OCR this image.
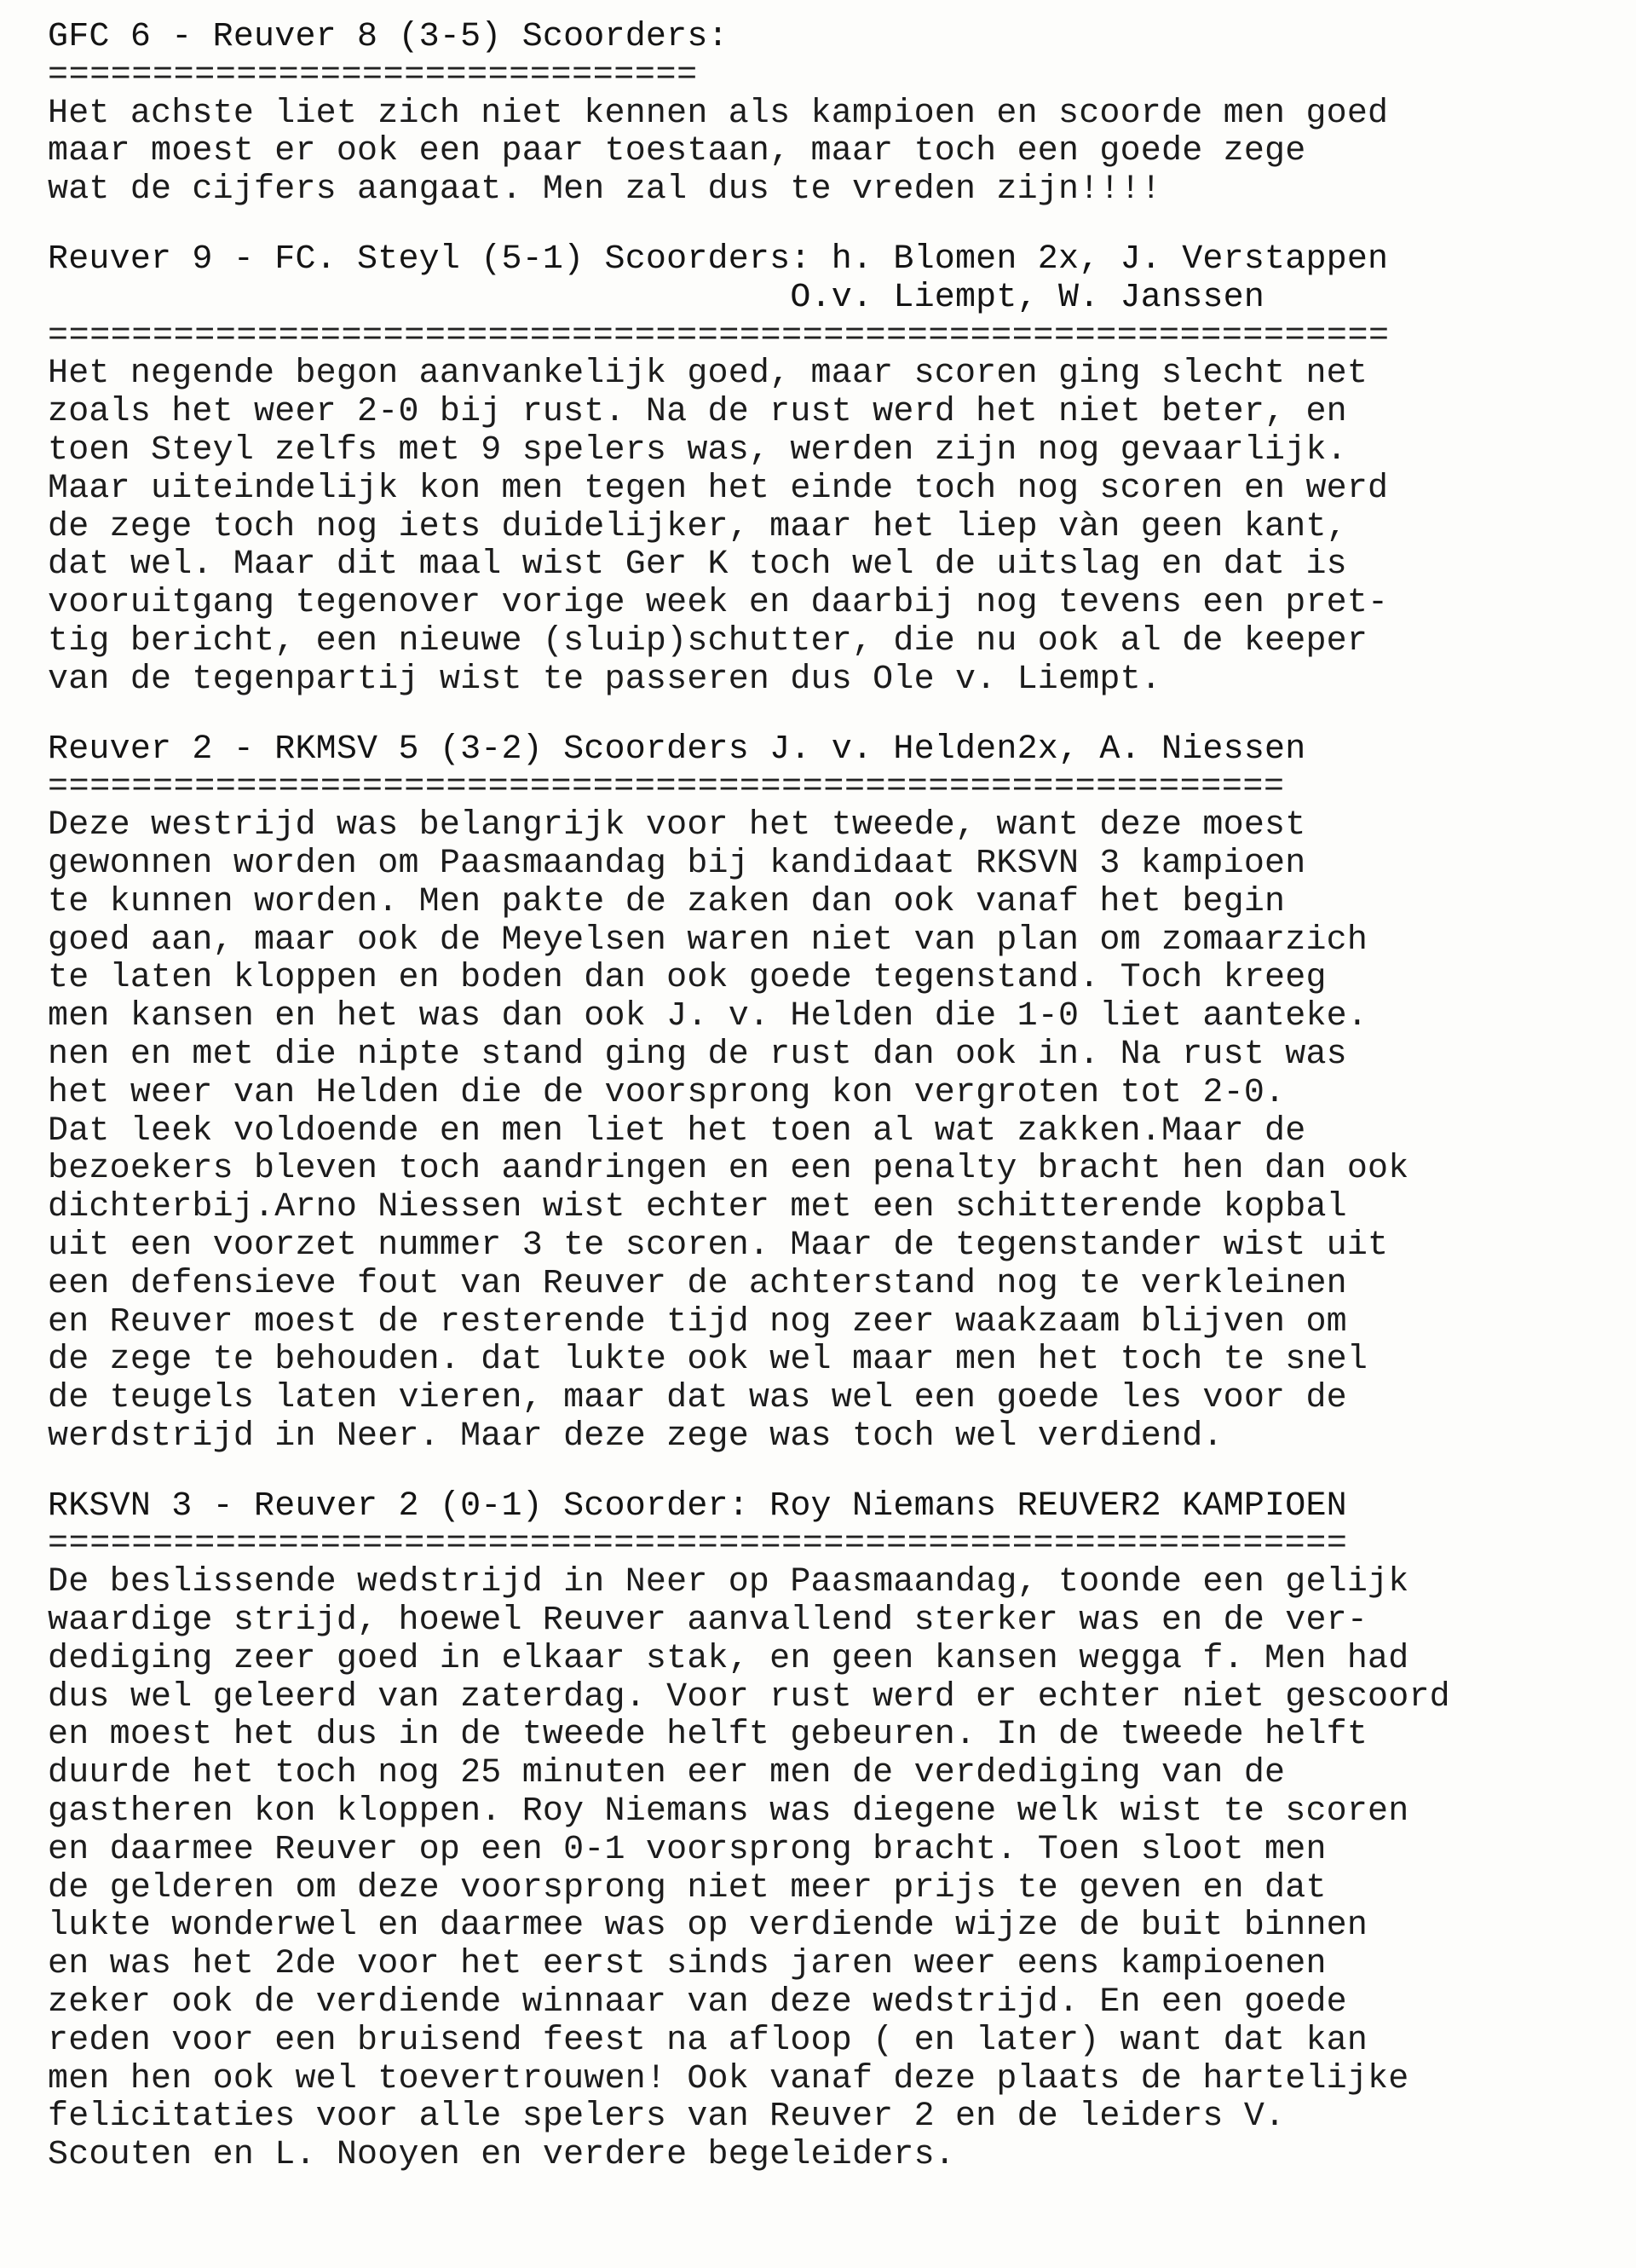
GFC 6 - Reuver 8 (3-5) Scoorders:
===============================
Het achste liet zich niet kennen als kampioen en scoorde men goed
maar moest er ook een paar toestaan, maar toch een goede zege
wat de cijfers aangaat. Men zal dus te vreden zijn!!!!
Reuver 9 - FC. Steyl (5-1) Scoorders: h. Blomen 2x, J. Verstappen
O.v. Liempt, W. Janssen
================================================================
Het negende begon aanvankelijk goed, maar scoren ging slecht net
zoals het weer 2-0 bij rust. Na de rust werd het niet beter, en
toen Steyl zelfs met 9 spelers was, werden zijn nog gevaarlijk.
Maar uiteindelijk kon men tegen het einde toch nog scoren en werd
de zege toch nog iets duidelijker, maar het liep vàn geen kant,
dat wel. Maar dit maal wist Ger K toch wel de uitslag en dat is
vooruitgang tegenover vorige week en daarbij nog tevens een pret-
tig bericht, een nieuwe (sluip)schutter, die nu ook al de keeper
van de tegenpartij wist te passeren dus Ole v. Liempt.
Reuver 2 - RKMSV 5 (3-2) Scoorders J. v. Helden2x, A. Niessen
===========================================================
Deze westrijd was belangrijk voor het tweede, want deze moest
gewonnen worden om Paasmaandag bij kandidaat RKSVN 3 kampioen
te kunnen worden. Men pakte de zaken dan ook vanaf het begin
goed aan, maar ook de Meyelsen waren niet van plan om zomaarzich
te laten kloppen en boden dan ook goede tegenstand. Toch kreeg
men kansen en het was dan ook J. v. Helden die 1-0 liet aanteke.
nen en met die nipte stand ging de rust dan ook in. Na rust was
het weer van Helden die de voorsprong kon vergroten tot 2-0.
Dat leek voldoende en men liet het toen al wat zakken.Maar de
bezoekers bleven toch aandringen en een penalty bracht hen dan ook
dichterbij.Arno Niessen wist echter met een schitterende kopbal
uit een voorzet nummer 3 te scoren. Maar de tegenstander wist uit
een defensieve fout van Reuver de achterstand nog te verkleinen
en Reuver moest de resterende tijd nog zeer waakzaam blijven om
de zege te behouden. dat lukte ook wel maar men het toch te snel
de teugels laten vieren, maar dat was wel een goede les voor de
werdstrijd in Neer. Maar deze zege was toch wel verdiend.
RKSVN 3 - Reuver 2 (0-1) Scoorder: Roy Niemans REUVER2 KAMPIOEN
==============================================================
De beslissende wedstrijd in Neer op Paasmaandag, toonde een gelijk
waardige strijd, hoewel Reuver aanvallend sterker was en de ver-
dediging zeer goed in elkaar stak, en geen kansen wegga f. Men had
dus wel geleerd van zaterdag. Voor rust werd er echter niet gescoord
en moest het dus in de tweede helft gebeuren. In de tweede helft
duurde het toch nog 25 minuten eer men de verdediging van de
gastheren kon kloppen. Roy Niemans was diegene welk wist te scoren
en daarmee Reuver op een 0-1 voorsprong bracht. Toen sloot men
de gelderen om deze voorsprong niet meer prijs te geven en dat
lukte wonderwel en daarmee was op verdiende wijze de buit binnen
en was het 2de voor het eerst sinds jaren weer eens kampioenen
zeker ook de verdiende winnaar van deze wedstrijd. En een goede
reden voor een bruisend feest na afloop ( en later) want dat kan
men hen ook wel toevertrouwen! Ook vanaf deze plaats de hartelijke
felicitaties voor alle spelers van Reuver 2 en de leiders V.
Scouten en L. Nooyen en verdere begeleiders.
